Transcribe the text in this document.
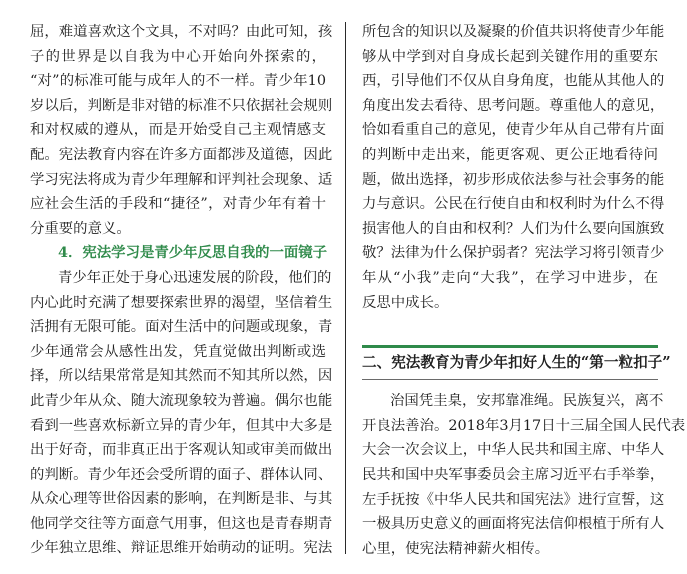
屈，难道喜欢这个文具，不对吗？由此可知，孩
子的世界是以自我为中心开始向外探索的，
“对”的标准可能与成年人的不一样。青少年10
岁以后，判断是非对错的标准不只依据社会规则
和对权威的遵从，而是开始受自己主观情感支
配。宪法教育内容在许多方面都涉及道德，因此
学习宪法将成为青少年理解和评判社会现象、适
应社会生活的手段和“捷径”，对青少年有着十
分重要的意义。
4．宪法学习是青少年反思自我的一面镜子
青少年正处于身心迅速发展的阶段，他们的
内心此时充满了想要探索世界的渴望，坚信着生
活拥有无限可能。面对生活中的问题或现象，青
少年通常会从感性出发，凭直觉做出判断或选
择，所以结果常常是知其然而不知其所以然，因
此青少年从众、随大流现象较为普遍。偶尔也能
看到一些喜欢标新立异的青少年，但其中大多是
出于好奇，而非真正出于客观认知或审美而做出
的判断。青少年还会受所谓的面子、群体认同、
从众心理等世俗因素的影响，在判断是非、与其
他同学交往等方面意气用事，但这也是青春期青
少年独立思维、辩证思维开始萌动的证明。宪法
所包含的知识以及凝聚的价值共识将使青少年能
够从中学到对自身成长起到关键作用的重要东
西，引导他们不仅从自身角度，也能从其他人的
角度出发去看待、思考问题。尊重他人的意见，
恰如看重自己的意见，使青少年从自己带有片面
的判断中走出来，能更客观、更公正地看待问
题，做出选择，初步形成依法参与社会事务的能
力与意识。公民在行使自由和权利时为什么不得
损害他人的自由和权利？人们为什么要向国旗致
敬？法律为什么保护弱者？宪法学习将引领青少
年从“小我”走向“大我”，在学习中进步，在
反思中成长。
二、宪法教育为青少年扣好人生的“第一粒扣子”
治国凭圭臬，安邦靠准绳。民族复兴，离不
开良法善治。2018年3月17日十三届全国人民代表
大会一次会议上，中华人民共和国主席、中华人
民共和国中央军事委员会主席习近平右手举拳，
左手抚按《中华人民共和国宪法》进行宣誓，这
一极具历史意义的画面将宪法信仰根植于所有人
心里，使宪法精神薪火相传。
